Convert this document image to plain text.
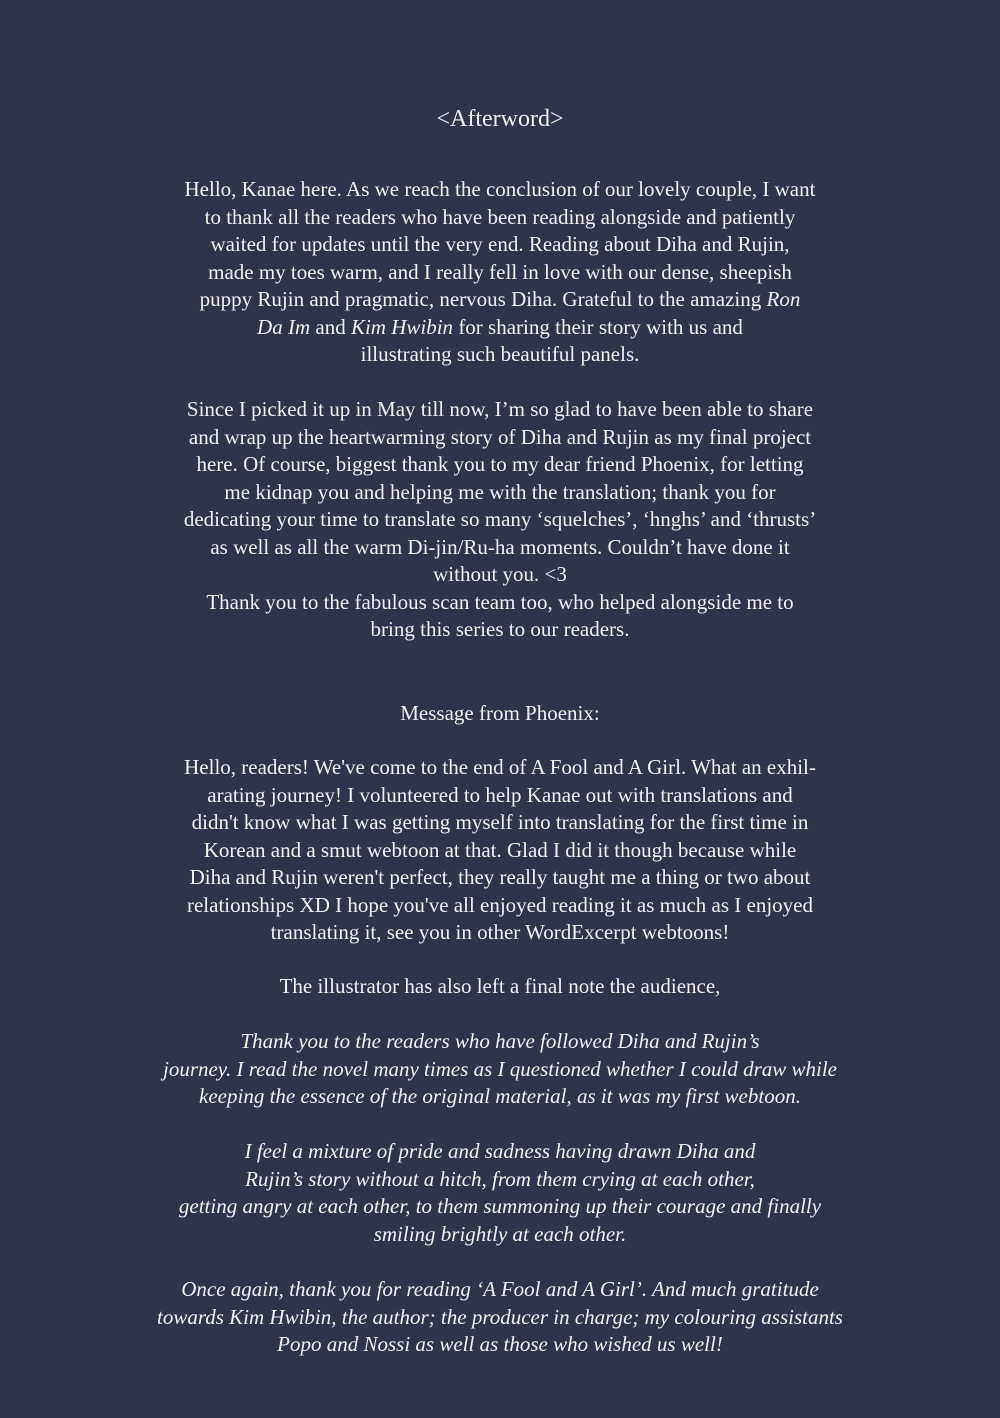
<Afterword>
Hello, Kanae here. As we reach the conclusion of our lovely couple, I want
to thank all the readers who have been reading alongside and patiently
waited for updates until the very end. Reading about Diha and Rujin,
made my toes warm, and I really fell in love with our dense, sheepish
puppy Rujin and pragmatic, nervous Diha. Grateful to the amazing Ron
Da Im and Kim Hwibin for sharing their story with us and
illustrating such beautiful panels.
Since I picked it up in May till now, I’m so glad to have been able to share
and wrap up the heartwarming story of Diha and Rujin as my final project
here. Of course, biggest thank you to my dear friend Phoenix, for letting
me kidnap you and helping me with the translation; thank you for
dedicating your time to translate so many ‘squelches’, ‘hnghs’ and ‘thrusts’
as well as all the warm Di-jin/Ru-ha moments. Couldn’t have done it
without you. <3
Thank you to the fabulous scan team too, who helped alongside me to
bring this series to our readers.
Message from Phoenix:
Hello, readers! We've come to the end of A Fool and A Girl. What an exhil-
arating journey! I volunteered to help Kanae out with translations and
didn't know what I was getting myself into translating for the first time in
Korean and a smut webtoon at that. Glad I did it though because while
Diha and Rujin weren't perfect, they really taught me a thing or two about
relationships XD I hope you've all enjoyed reading it as much as I enjoyed
translating it, see you in other WordExcerpt webtoons!
The illustrator has also left a final note the audience,
Thank you to the readers who have followed Diha and Rujin’s
journey. I read the novel many times as I questioned whether I could draw while
keeping the essence of the original material, as it was my first webtoon.
I feel a mixture of pride and sadness having drawn Diha and
Rujin’s story without a hitch, from them crying at each other,
getting angry at each other, to them summoning up their courage and finally
smiling brightly at each other.
Once again, thank you for reading ‘A Fool and A Girl’. And much gratitude
towards Kim Hwibin, the author; the producer in charge; my colouring assistants
Popo and Nossi as well as those who wished us well!
